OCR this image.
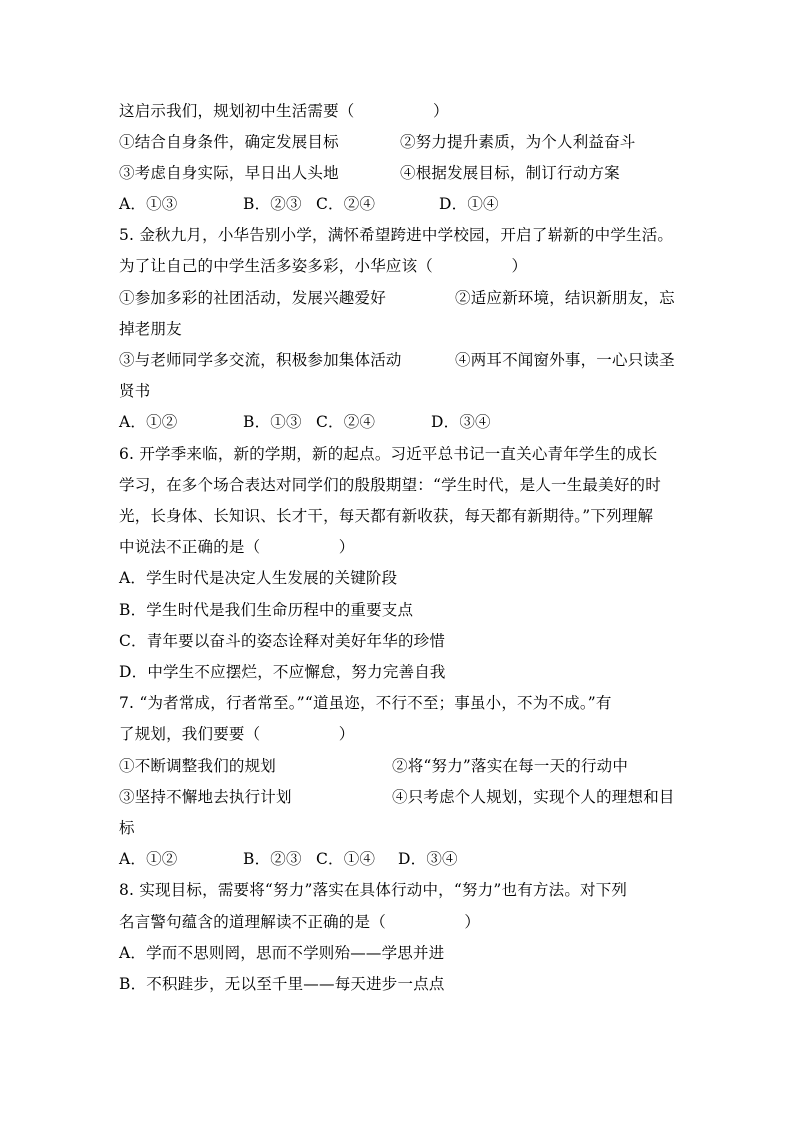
这启示我们，规划初中生活需要（　　　　　）
①结合自身条件，确定发展目标	②努力提升素质，为个人利益奋斗
③考虑自身实际，早日出人头地	④根据发展目标，制订行动方案
A．①③	B．②③ C．②④	D．①④
5. 金秋九月，小华告别小学，满怀希望跨进中学校园，开启了崭新的中学生活。
为了让自己的中学生活多姿多彩，小华应该（　　　　　）
①参加多彩的社团活动，发展兴趣爱好	②适应新环境，结识新朋友，忘
掉老朋友
③与老师同学多交流，积极参加集体活动	④两耳不闻窗外事，一心只读圣
贤书
A．①②	B．①③ C．②④	D．③④
6. 开学季来临，新的学期，新的起点。习近平总书记一直关心青年学生的成长
学习，在多个场合表达对同学们的殷殷期望：“学生时代，是人一生最美好的时
光，长身体、长知识、长才干，每天都有新收获，每天都有新期待。”下列理解
中说法不正确的是（　　　　　）
A．学生时代是决定人生发展的关键阶段
B．学生时代是我们生命历程中的重要支点
C．青年要以奋斗的姿态诠释对美好年华的珍惜
D．中学生不应摆烂，不应懈怠，努力完善自我
7. “为者常成，行者常至。”“道虽迩，不行不至；事虽小，不为不成。”有
了规划，我们要要（　　　　　）
①不断调整我们的规划	②将“努力”落实在每一天的行动中
③坚持不懈地去执行计划	④只考虑个人规划，实现个人的理想和目
标
A．①②	B．②③ C．①④ D．③④
8. 实现目标，需要将“努力”落实在具体行动中，“努力”也有方法。对下列
名言警句蕴含的道理解读不正确的是（　　　　　）
A．学而不思则罔，思而不学则殆——学思并进
B．不积跬步，无以至千里——每天进步一点点
